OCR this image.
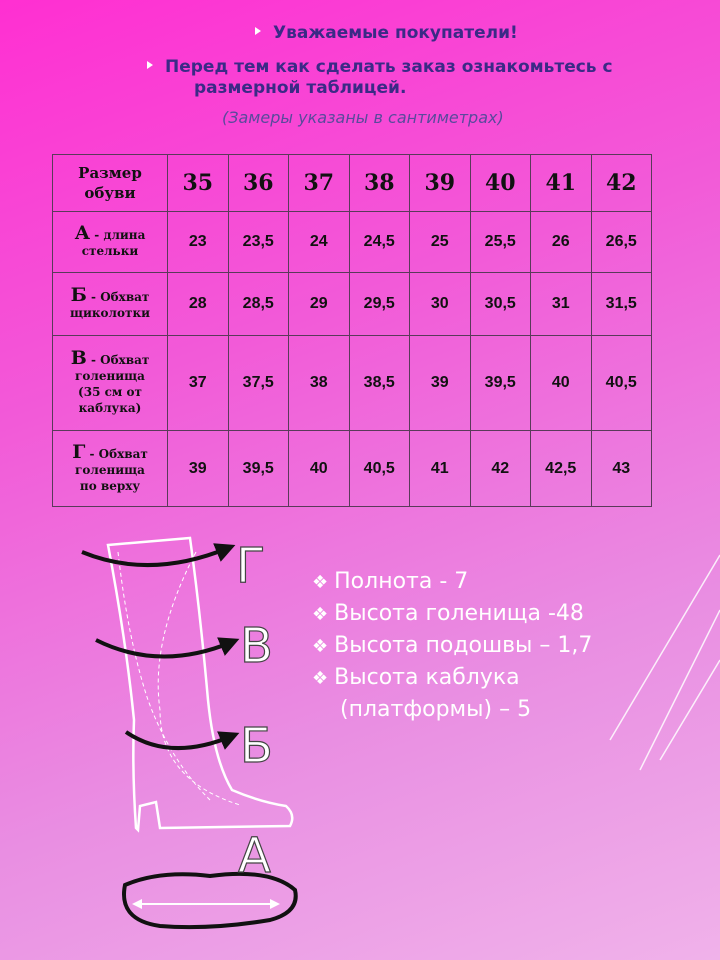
Уважаемые покупатели!
Перед тем как сделать заказ ознакомьтесь с
размерной таблицей.
(Замеры указаны в сантиметрах)
Размер обуви	35	36	37	38	39	40	41	42
А - длина
стельки	23	23,5	24	24,5	25	25,5	26	26,5
Б - Обхват
щиколотки	28	28,5	29	29,5	30	30,5	31	31,5
В - Обхват
голенища
(35 см от
каблука)	37	37,5	38	38,5	39	39,5	40	40,5
Г - Обхват
голенища
по верху	39	39,5	40	40,5	41	42	42,5	43
Г
В
Б
А
❖ Полнота - 7
❖ Высота голенища -48
❖ Высота подошвы – 1,7
❖ Высота каблука
(платформы) – 5
